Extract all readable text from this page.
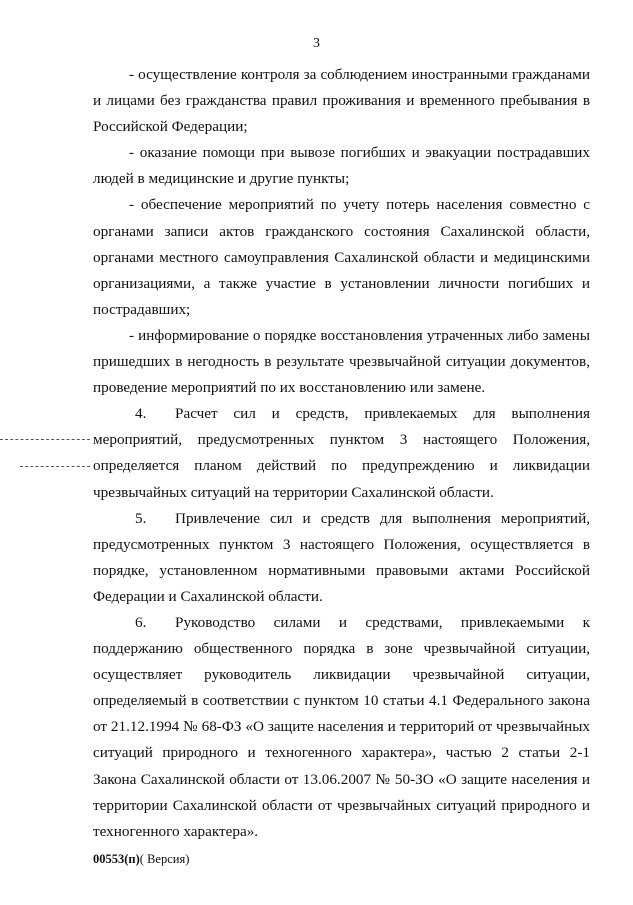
3

- осуществление контроля за соблюдением иностранными гражданами и лицами без гражданства правил проживания и временного пребывания в Российской Федерации;

- оказание помощи при вывозе погибших и эвакуации пострадавших людей в медицинские и другие пункты;

- обеспечение мероприятий по учету потерь населения совместно с органами записи актов гражданского состояния Сахалинской области, органами местного самоуправления Сахалинской области и медицинскими организациями, а также участие в установлении личности погибших и пострадавших;

- информирование о порядке восстановления утраченных либо замены пришедших в негодность в результате чрезвычайной ситуации документов, проведение мероприятий по их восстановлению или замене.

4. Расчет сил и средств, привлекаемых для выполнения мероприятий, предусмотренных пунктом 3 настоящего Положения, определяется планом действий по предупреждению и ликвидации чрезвычайных ситуаций на территории Сахалинской области.

5. Привлечение сил и средств для выполнения мероприятий, предусмотренных пунктом 3 настоящего Положения, осуществляется в порядке, установленном нормативными правовыми актами Российской Федерации и Сахалинской области.

6. Руководство силами и средствами, привлекаемыми к поддержанию общественного порядка в зоне чрезвычайной ситуации, осуществляет руководитель ликвидации чрезвычайной ситуации, определяемый в соответствии с пунктом 10 статьи 4.1 Федерального закона от 21.12.1994 № 68-ФЗ «О защите населения и территорий от чрезвычайных ситуаций природного и техногенного характера», частью 2 статьи 2-1 Закона Сахалинской области от 13.06.2007 № 50-ЗО «О защите населения и территории Сахалинской области от чрезвычайных ситуаций природного и техногенного характера».

00553(п)( Версия)
